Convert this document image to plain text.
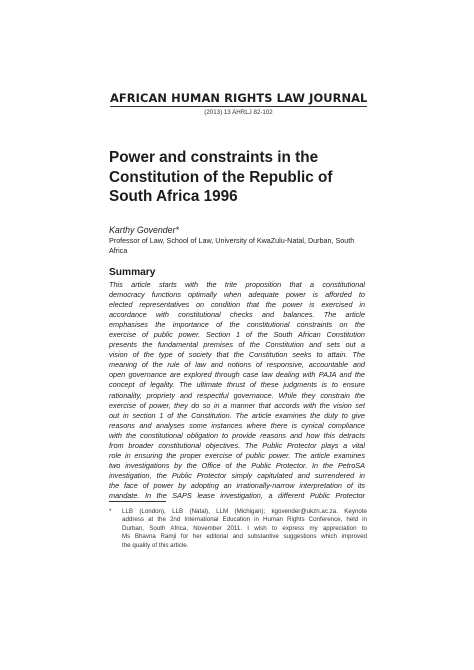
AFRICAN HUMAN RIGHTS LAW JOURNAL
(2013) 13 AHRLJ 82-102
Power and constraints in the
Constitution of the Republic of
South Africa 1996
Karthy Govender*
Professor of Law, School of Law, University of KwaZulu-Natal, Durban, South
Africa
Summary
This article starts with the trite proposition that a constitutional
democracy functions optimally when adequate power is afforded to
elected representatives on condition that the power is exercised in
accordance with constitutional checks and balances. The article
emphasises the importance of the constitutional constraints on the
exercise of public power. Section 1 of the South African Constitution
presents the fundamental premises of the Constitution and sets out a
vision of the type of society that the Constitution seeks to attain. The
meaning of the rule of law and notions of responsive, accountable and
open governance are explored through case law dealing with PAJA and the
concept of legality. The ultimate thrust of these judgments is to ensure
rationality, propriety and respectful governance. While they constrain the
exercise of power, they do so in a manner that accords with the vision set
out in section 1 of the Constitution. The article examines the duty to give
reasons and analyses some instances where there is cynical compliance
with the constitutional obligation to provide reasons and how this detracts
from broader constitutional objectives. The Public Protector plays a vital
role in ensuring the proper exercise of public power. The article examines
two investigations by the Office of the Public Protector. In the PetroSA
investigation, the Public Protector simply capitulated and surrendered in
the face of power by adopting an irrationally-narrow interpretation of its
mandate. In the SAPS lease investigation, a different Public Protector
* LLB (London), LLB (Natal), LLM (Michigan); kgovender@ukzn.ac.za. Keynote
address at the 2nd International Education in Human Rights Conference, held in
Durban, South Africa, November 2011. I wish to express my appreciation to
Ms Bhavna Ramji for her editorial and substantive suggestions which improved
the quality of this article.
